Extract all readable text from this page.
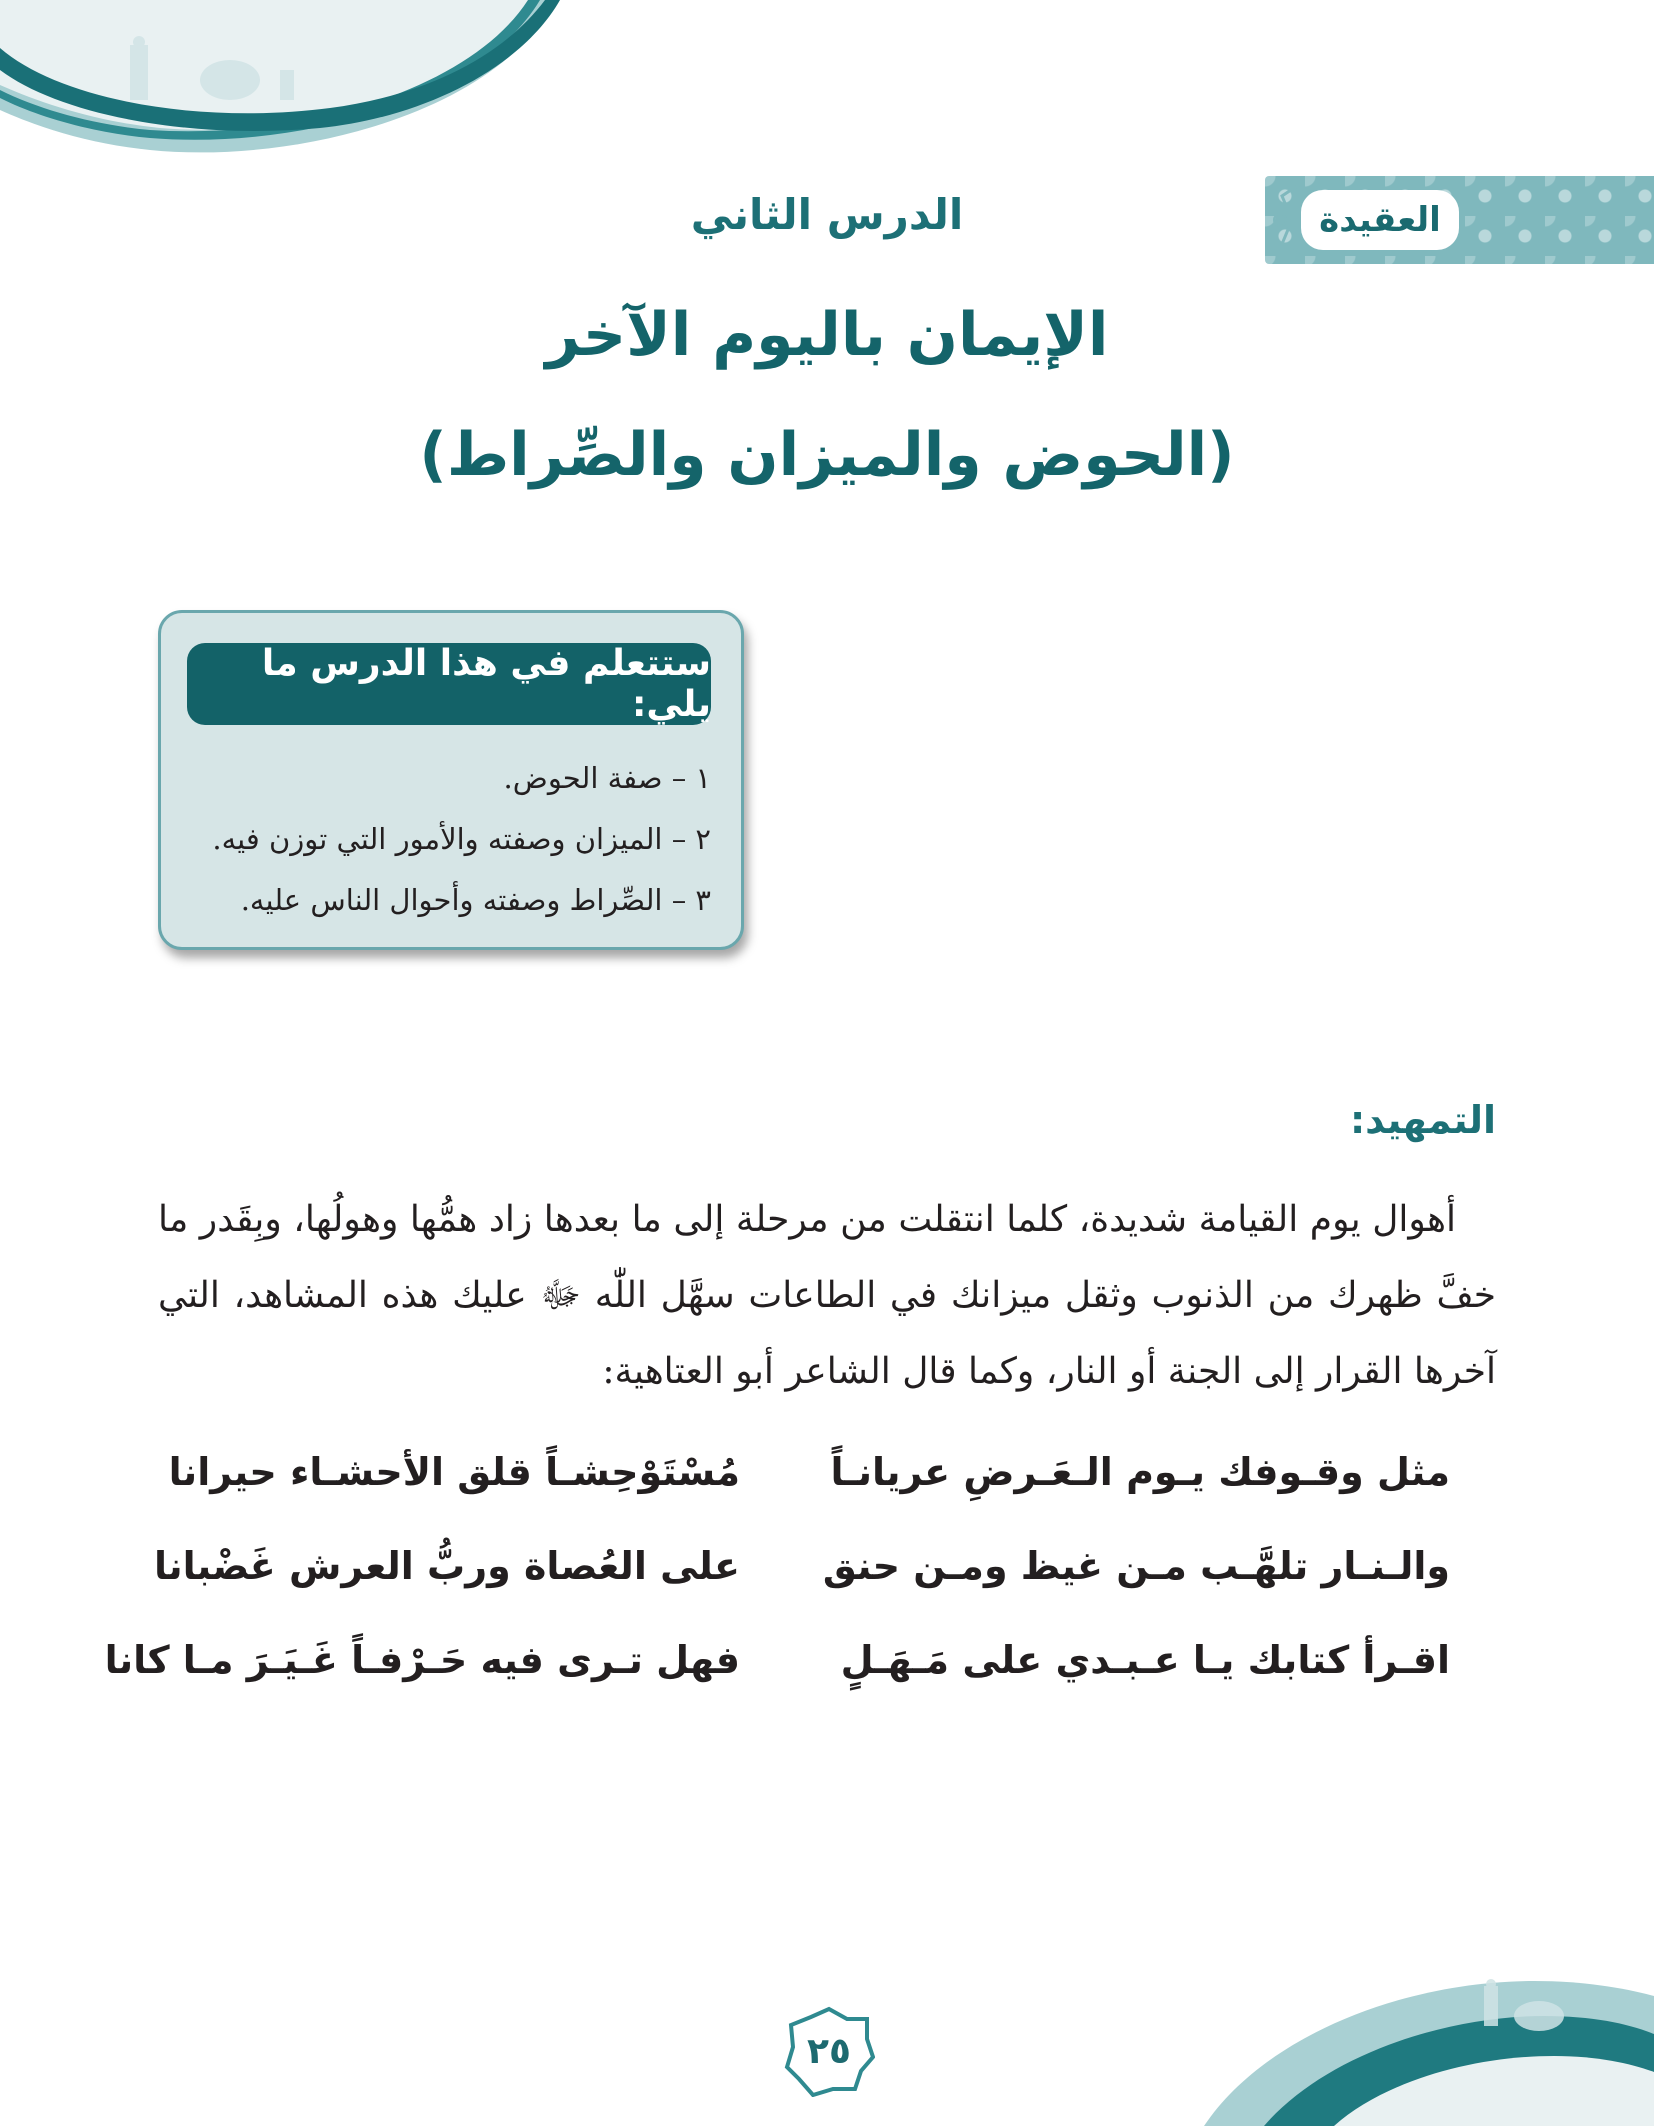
العقيدة
الدرس الثاني
الإيمان باليوم الآخر
(الحوض والميزان والصِّراط)
ستتعلم في هذا الدرس ما يلي:
١ – صفة الحوض.
٢ – الميزان وصفته والأمور التي توزن فيه.
٣ – الصِّراط وصفته وأحوال الناس عليه.
التمهيد:

أهوال يوم القيامة شديدة، كلما انتقلت من مرحلة إلى ما بعدها زاد همُّها وهولُها، وبِقَدر ما خفَّ ظهرك من الذنوب وثقل ميزانك في الطاعات سهَّل اللّٰه ﷻ عليك هذه المشاهد، التي آخرها القرار إلى الجنة أو النار، وكما قال الشاعر أبو العتاهية:

مثل وقـوفك يـوم الـعَـرضِ عريانـاً
مُسْتَوْحِشـاً قلق الأحشـاء حيرانا
والـنـار تلهَّـب مـن غيظ ومـن حنق
على العُصاة وربُّ العرش غَضْبانا
اقـرأ كتابك يـا عـبـدي على مَـهَـلٍ
فهل تـرى فيه حَـرْفـاً غَـيَـرَ مـا كانا
٢٥
